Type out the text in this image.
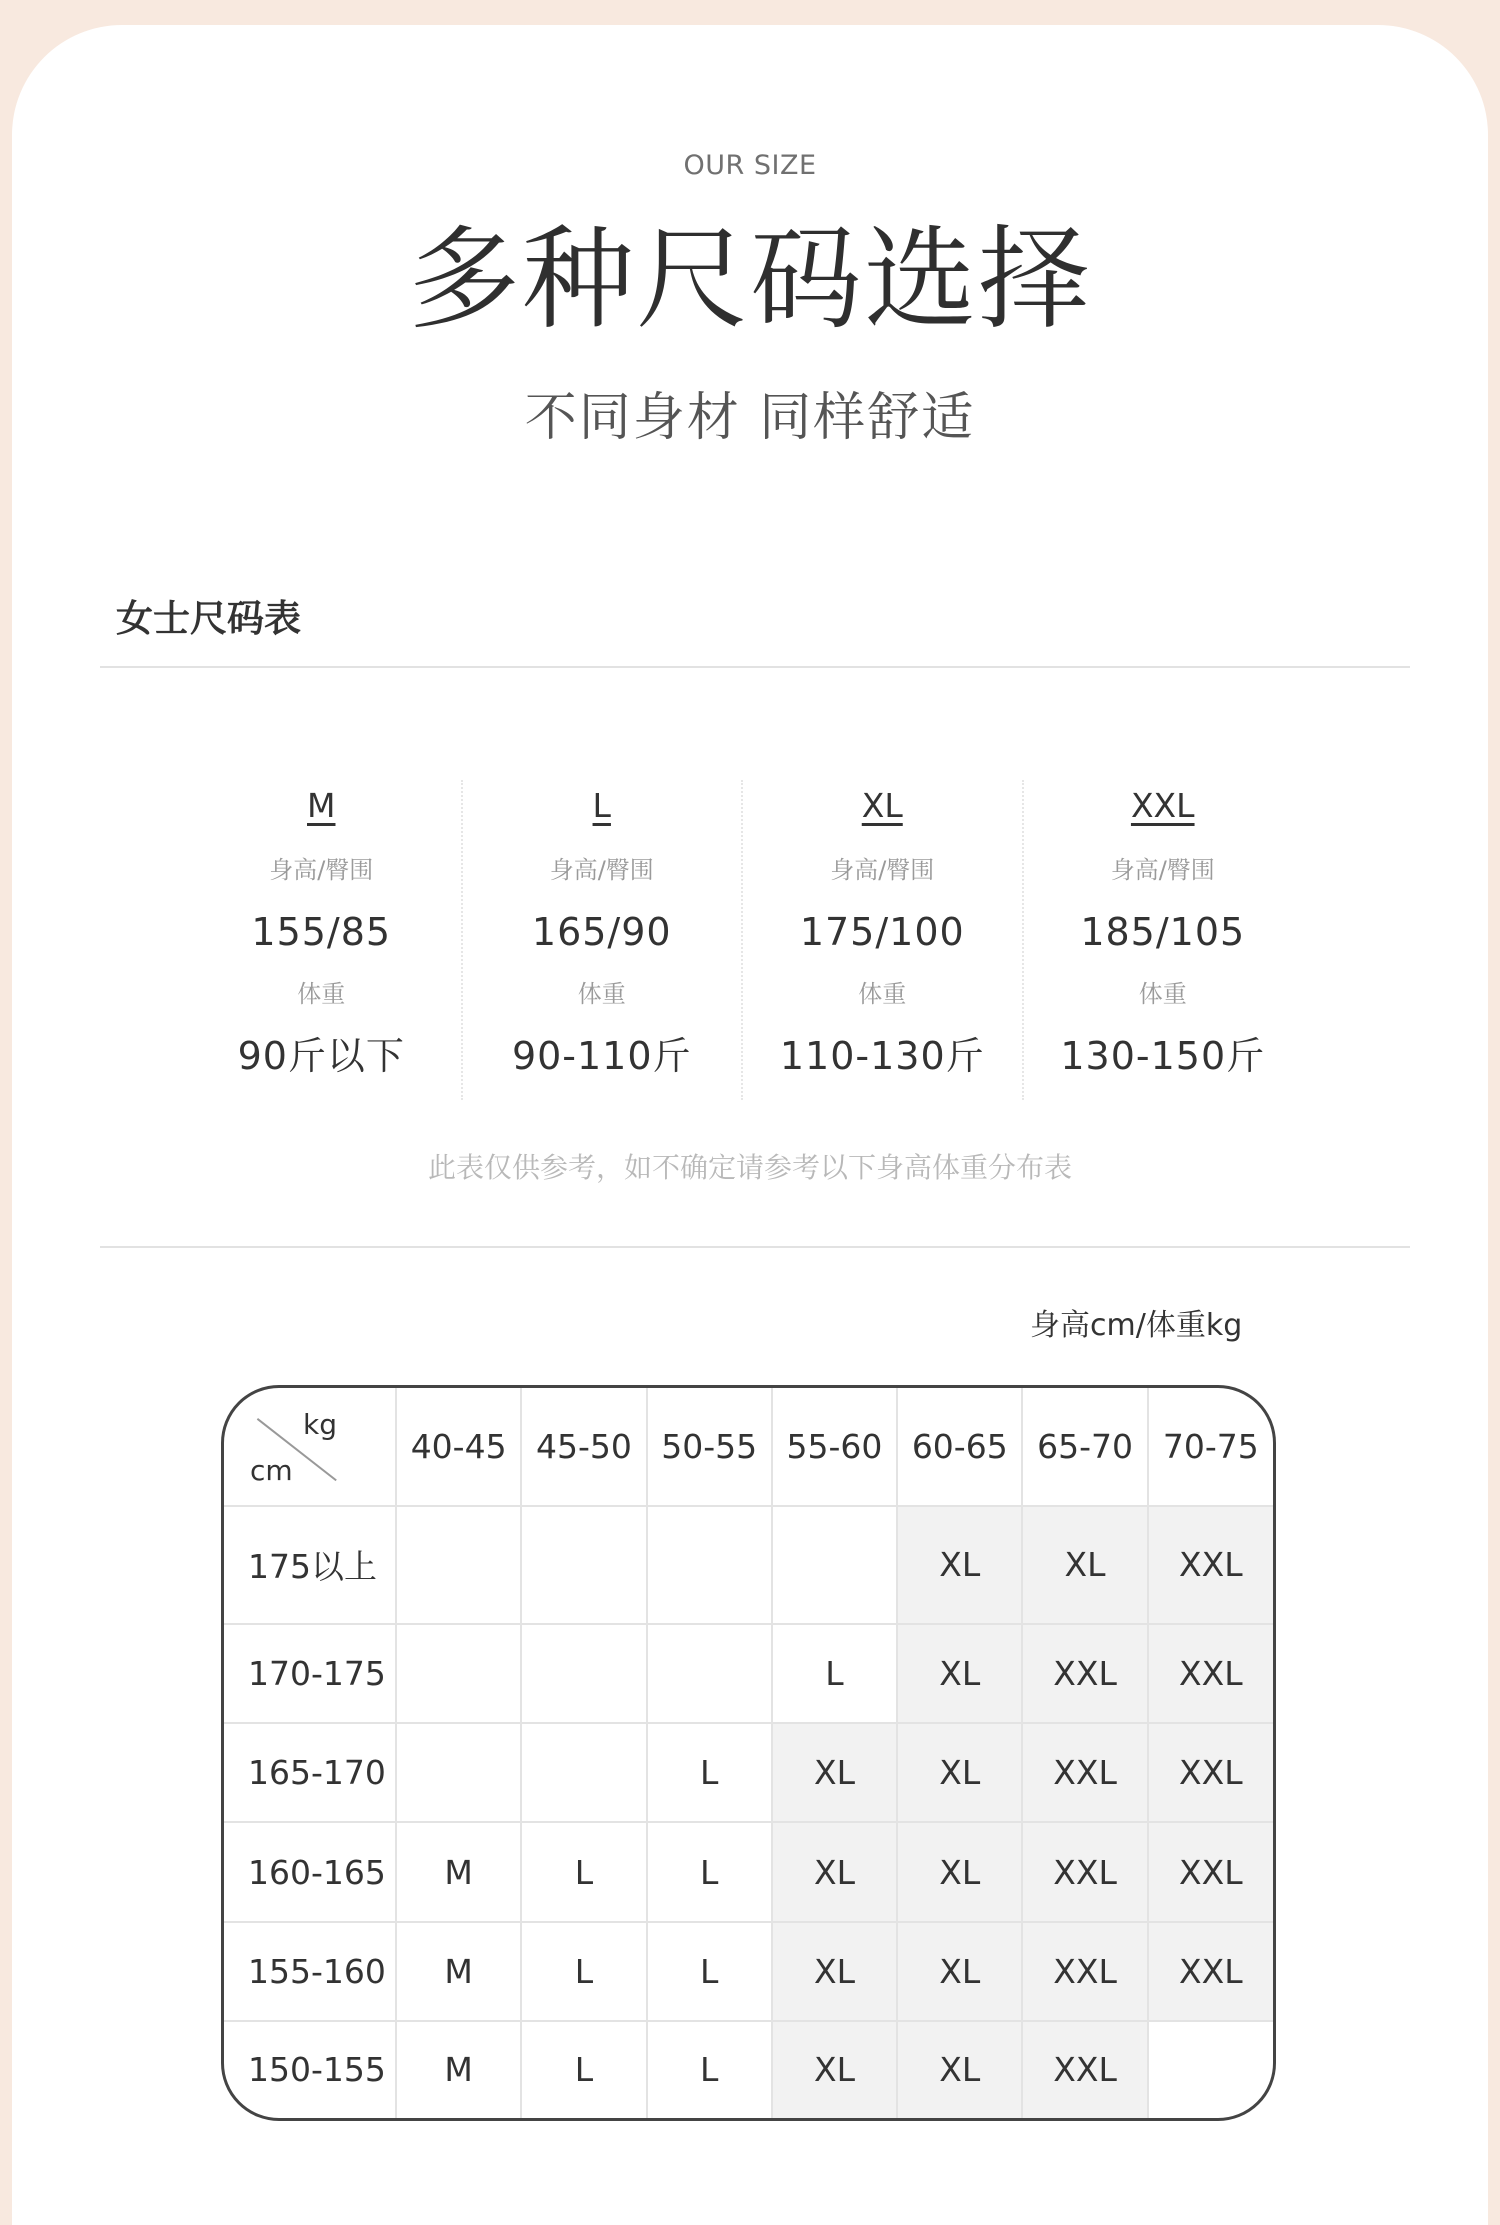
OUR SIZE
多种尺码选择
不同身材 同样舒适
女士尺码表
M
身高/臀围
155/85
体重
90斤以下
L
身高/臀围
165/90
体重
90-110斤
XL
身高/臀围
175/100
体重
110-130斤
XXL
身高/臀围
185/105
体重
130-150斤
此表仅供参考，如不确定请参考以下身高体重分布表
身高cm/体重kg
kg
cm	40-45	45-50	50-55	55-60	60-65	65-70	70-75
175以上					XL	XL	XXL
170-175				L	XL	XXL	XXL
165-170			L	XL	XL	XXL	XXL
160-165	M	L	L	XL	XL	XXL	XXL
155-160	M	L	L	XL	XL	XXL	XXL
150-155	M	L	L	XL	XL	XXL	
